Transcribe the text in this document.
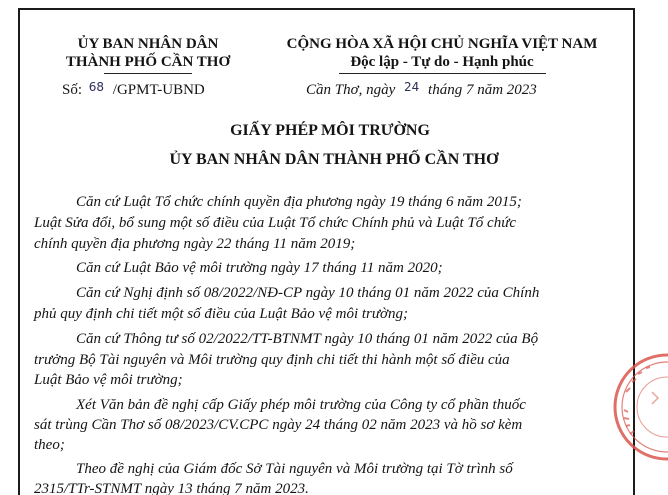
ỦY BAN NHÂN DÂN
THÀNH PHỐ CẦN THƠ
CỘNG HÒA XÃ HỘI CHỦ NGHĨA VIỆT NAM
Độc lập - Tự do - Hạnh phúc
Số: $^{68}$ /GPMT-UBND	Cần Thơ, ngày $^{24}$ tháng 7 năm 2023
GIẤY PHÉP MÔI TRƯỜNG
ỦY BAN NHÂN DÂN THÀNH PHỐ CẦN THƠ
Căn cứ Luật Tổ chức chính quyền địa phương ngày 19 tháng 6 năm 2015;
Luật Sửa đổi, bổ sung một số điều của Luật Tổ chức Chính phủ và Luật Tổ chức
chính quyền địa phương ngày 22 tháng 11 năm 2019;
Căn cứ Luật Bảo vệ môi trường ngày 17 tháng 11 năm 2020;
Căn cứ Nghị định số 08/2022/NĐ-CP ngày 10 tháng 01 năm 2022 của Chính
phủ quy định chi tiết một số điều của Luật Bảo vệ môi trường;
Căn cứ Thông tư số 02/2022/TT-BTNMT ngày 10 tháng 01 năm 2022 của Bộ
trưởng Bộ Tài nguyên và Môi trường quy định chi tiết thi hành một số điều của
Luật Bảo vệ môi trường;
Xét Văn bản đề nghị cấp Giấy phép môi trường của Công ty cổ phần thuốc
sát trùng Cần Thơ số 08/2023/CV.CPC ngày 24 tháng 02 năm 2023 và hồ sơ kèm
theo;
Theo đề nghị của Giám đốc Sở Tài nguyên và Môi trường tại Tờ trình số
2315/TTr-STNMT ngày 13 tháng 7 năm 2023.
